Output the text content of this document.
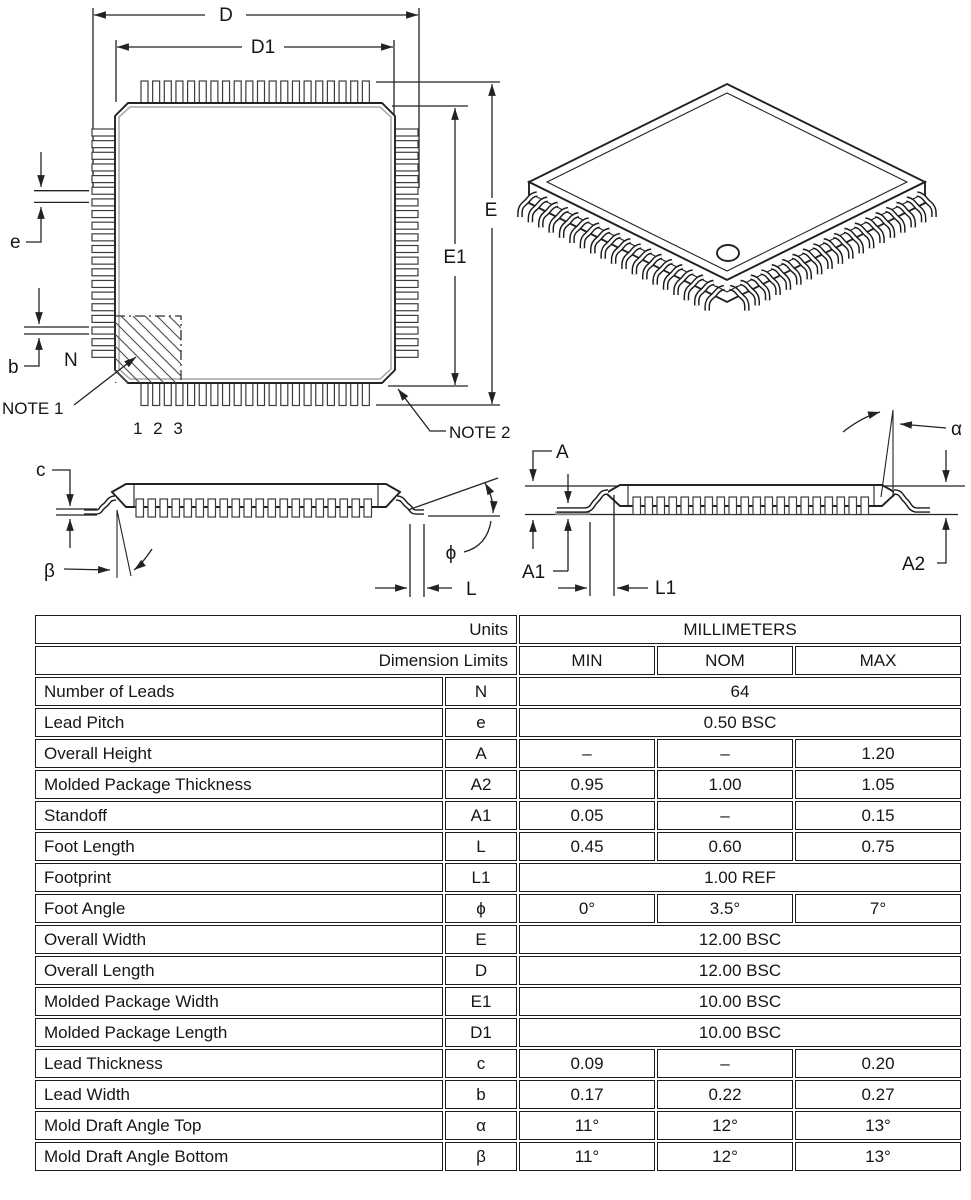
D
D1
E
E1
e
b N
NOTE 1
1 2 3	NOTE 2
c
β
ϕ
L
A
A1
L1
A2
α
Units		MILLIMETERS		
Dimension Limits		MIN	NOM	MAX
Number of Leads	N	64		
Lead Pitch	e	0.50 BSC		
Overall Height	A	–	–	1.20
Molded Package Thickness	A2	0.95	1.00	1.05
Standoff	A1	0.05	–	0.15
Foot Length	L	0.45	0.60	0.75
Footprint	L1	1.00 REF		
Foot Angle	ϕ	0°	3.5°	7°
Overall Width	E	12.00 BSC		
Overall Length	D	12.00 BSC		
Molded Package Width	E1	10.00 BSC		
Molded Package Length	D1	10.00 BSC		
Lead Thickness	c	0.09	–	0.20
Lead Width	b	0.17	0.22	0.27
Mold Draft Angle Top	α	11°	12°	13°
Mold Draft Angle Bottom	β	11°	12°	13°
